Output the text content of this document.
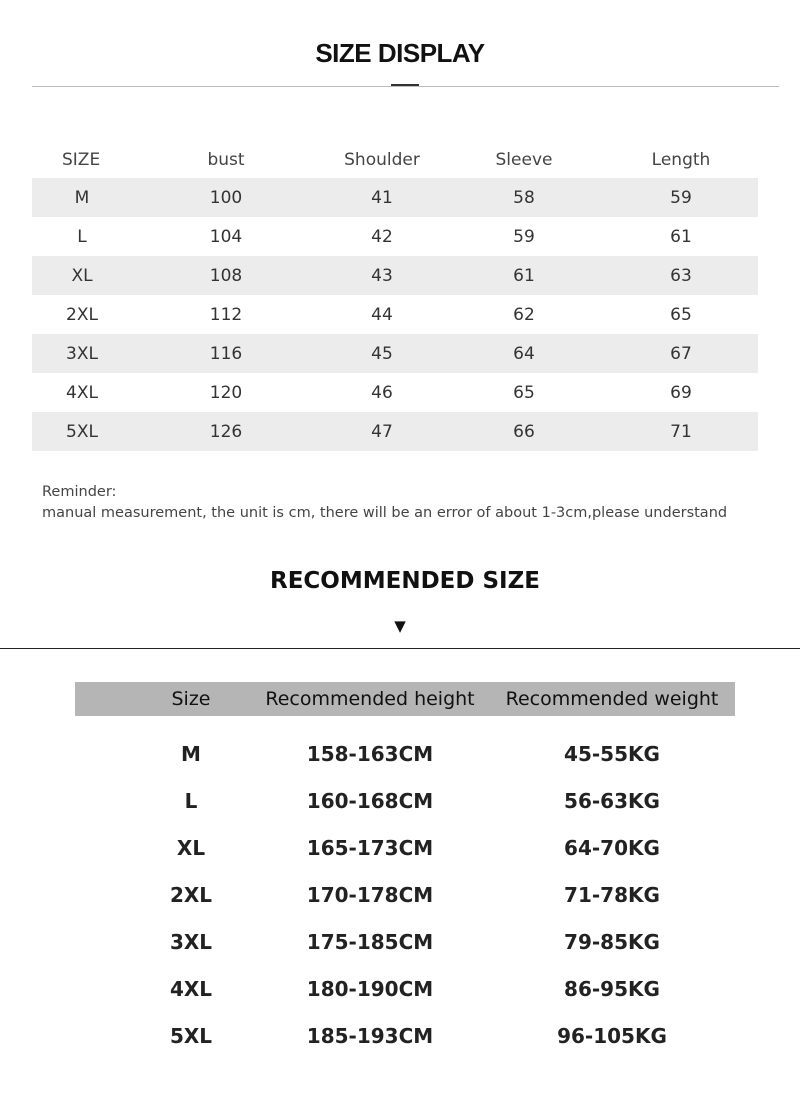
SIZE DISPLAY
SIZE	bust	Shoulder	Sleeve	Length
M	100	41	58	59
L	104	42	59	61
XL	108	43	61	63
2XL	112	44	62	65
3XL	116	45	64	67
4XL	120	46	65	69
5XL	126	47	66	71
Reminder:
manual measurement, the unit is cm, there will be an error of about 1-3cm,please understand
RECOMMENDED SIZE
▼
Size	Recommended height	Recommended weight
M	158-163CM	45-55KG
L	160-168CM	56-63KG
XL	165-173CM	64-70KG
2XL	170-178CM	71-78KG
3XL	175-185CM	79-85KG
4XL	180-190CM	86-95KG
5XL	185-193CM	96-105KG
